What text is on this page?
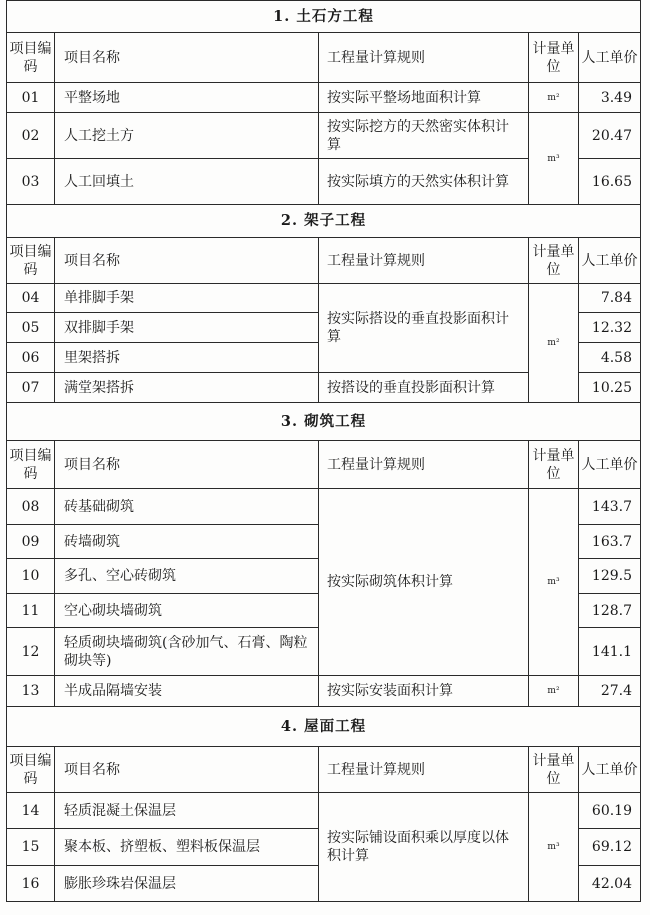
1. 土石方工程				
项目编码	项目名称	工程量计算规则	计量单位	人工单价
01	平整场地	按实际平整场地面积计算	m²	3.49
02	人工挖土方	按实际挖方的天然密实体积计算	m³	20.47
03	人工回填土	按实际填方的天然实体积计算		16.65
2. 架子工程				
项目编码	项目名称	工程量计算规则	计量单位	人工单价
04	单排脚手架	按实际搭设的垂直投影面积计算	m²	7.84
05	双排脚手架			12.32
06	里架搭拆			4.58
07	满堂架搭拆	按搭设的垂直投影面积计算		10.25
3. 砌筑工程				
项目编码	项目名称	工程量计算规则	计量单位	人工单价
08	砖基础砌筑	按实际砌筑体积计算	m³	143.7
09	砖墙砌筑			163.7
10	多孔、空心砖砌筑			129.5
11	空心砌块墙砌筑			128.7
12	轻质砌块墙砌筑(含砂加气、石膏、陶粒砌块等)			141.1
13	半成品隔墙安装	按实际安装面积计算	m²	27.4
4. 屋面工程				
项目编码	项目名称	工程量计算规则	计量单位	人工单价
14	轻质混凝土保温层	按实际铺设面积乘以厚度以体积计算	m³	60.19
15	聚本板、挤塑板、塑料板保温层			69.12
16	膨胀珍珠岩保温层			42.04
